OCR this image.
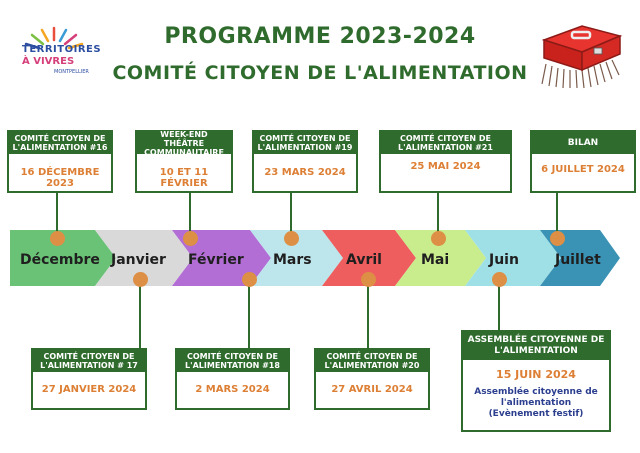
PROGRAMME 2023-2024
COMITÉ CITOYEN DE L'ALIMENTATION
TERRITOIRES
À VIVRES
MONTPELLIER
Décembre Janvier Février Mars Avril	Mai	Juin	Juillet
COMITÉ CITOYEN DE L'ALIMENTATION #16
16 DÉCEMBRE 2023
WEEK-END THÉÂTRE COMMUNAUTAIRE
10 ET 11 FÉVRIER
COMITÉ CITOYEN DE L'ALIMENTATION #19
23 MARS 2024
COMITÉ CITOYEN DE L'ALIMENTATION #21
25 MAI 2024
BILAN
6 JUILLET 2024
COMITÉ CITOYEN DE L'ALIMENTATION # 17
27 JANVIER 2024
COMITÉ CITOYEN DE L'ALIMENTATION #18
2 MARS 2024
COMITÉ CITOYEN DE L'ALIMENTATION #20
27 AVRIL 2024
ASSEMBLÉE CITOYENNE DE L'ALIMENTATION
15 JUIN 2024
Assemblée citoyenne de l'alimentation (Evènement festif)
